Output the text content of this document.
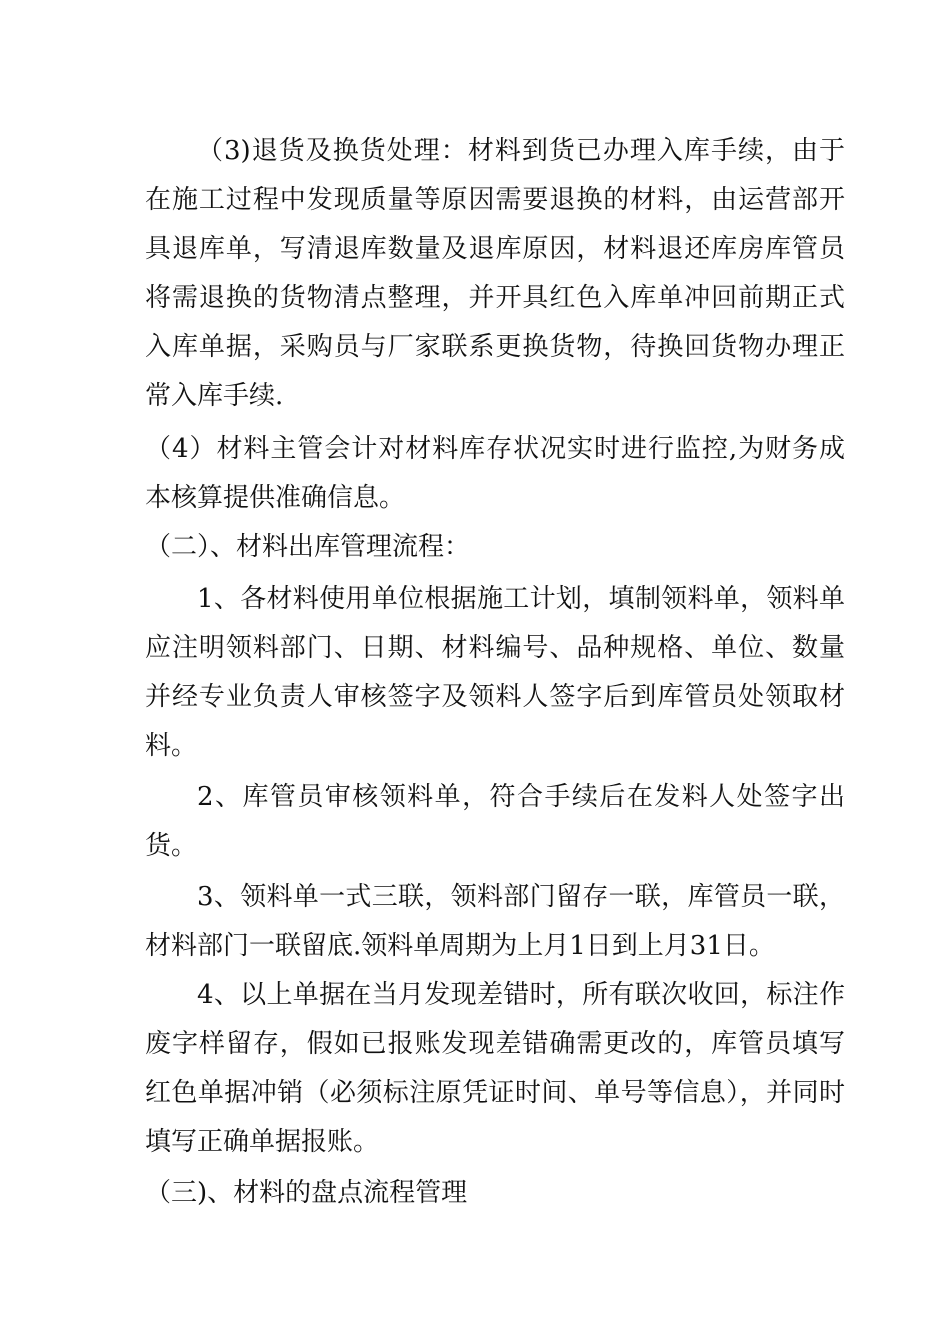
（3)退货及换货处理：材料到货已办理入库手续，由于在施工过程中发现质量等原因需要退换的材料，由运营部开具退库单，写清退库数量及退库原因，材料退还库房库管员将需退换的货物清点整理，并开具红色入库单冲回前期正式入库单据，采购员与厂家联系更换货物，待换回货物办理正常入库手续.

（4）材料主管会计对材料库存状况实时进行监控,为财务成本核算提供准确信息。

（二）、材料出库管理流程：

1、各材料使用单位根据施工计划，填制领料单，领料单应注明领料部门、日期、材料编号、品种规格、单位、数量并经专业负责人审核签字及领料人签字后到库管员处领取材料。

2、库管员审核领料单，符合手续后在发料人处签字出货。

3、领料单一式三联，领料部门留存一联，库管员一联，材料部门一联留底.领料单周期为上月1日到上月31日。

4、以上单据在当月发现差错时，所有联次收回，标注作废字样留存，假如已报账发现差错确需更改的，库管员填写红色单据冲销（必须标注原凭证时间、单号等信息），并同时填写正确单据报账。

（三)、材料的盘点流程管理
